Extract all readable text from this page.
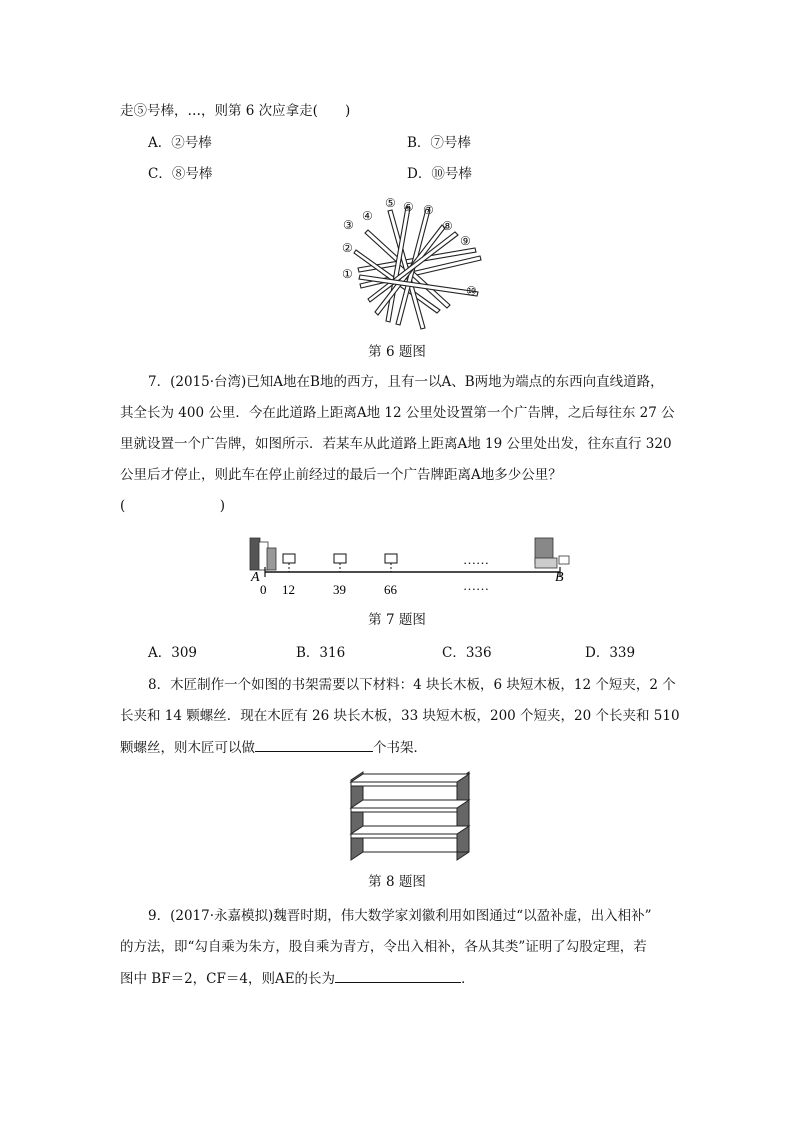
走⑤号棒，…，则第 6 次应拿走(　　)
A．②号棒	B．⑦号棒
C．⑧号棒	D．⑩号棒
①
②
③
④
⑤ ⑥ ⑦
⑧
⑨
⑩
第 6 题图
7．(2015·台湾)已知A地在B地的西方，且有一以A、B两地为端点的东西向直线道路，
其全长为 400 公里．今在此道路上距离A地 12 公里处设置第一个广告牌，之后每往东 27 公
里就设置一个广告牌，如图所示．若某车从此道路上距离A地 19 公里处出发，往东直行 320
公里后才停止，则此车在停止前经过的最后一个广告牌距离A地多少公里？
(　　　　　　　)
……
……
A	B
0 12	39	66
第 7 题图
A．309	B．316	C．336	D．339
8．木匠制作一个如图的书架需要以下材料：4 块长木板，6 块短木板，12 个短夹，2 个
长夹和 14 颗螺丝．现在木匠有 26 块长木板，33 块短木板，200 个短夹，20 个长夹和 510
颗螺丝，则木匠可以做	个书架．
第 8 题图
9．(2017·永嘉模拟)魏晋时期，伟大数学家刘徽利用如图通过“以盈补虚，出入相补”
的方法，即“勾自乘为朱方，股自乘为青方，令出入相补，各从其类”证明了勾股定理，若
图中 BF＝2，CF＝4，则AE的长为	．
